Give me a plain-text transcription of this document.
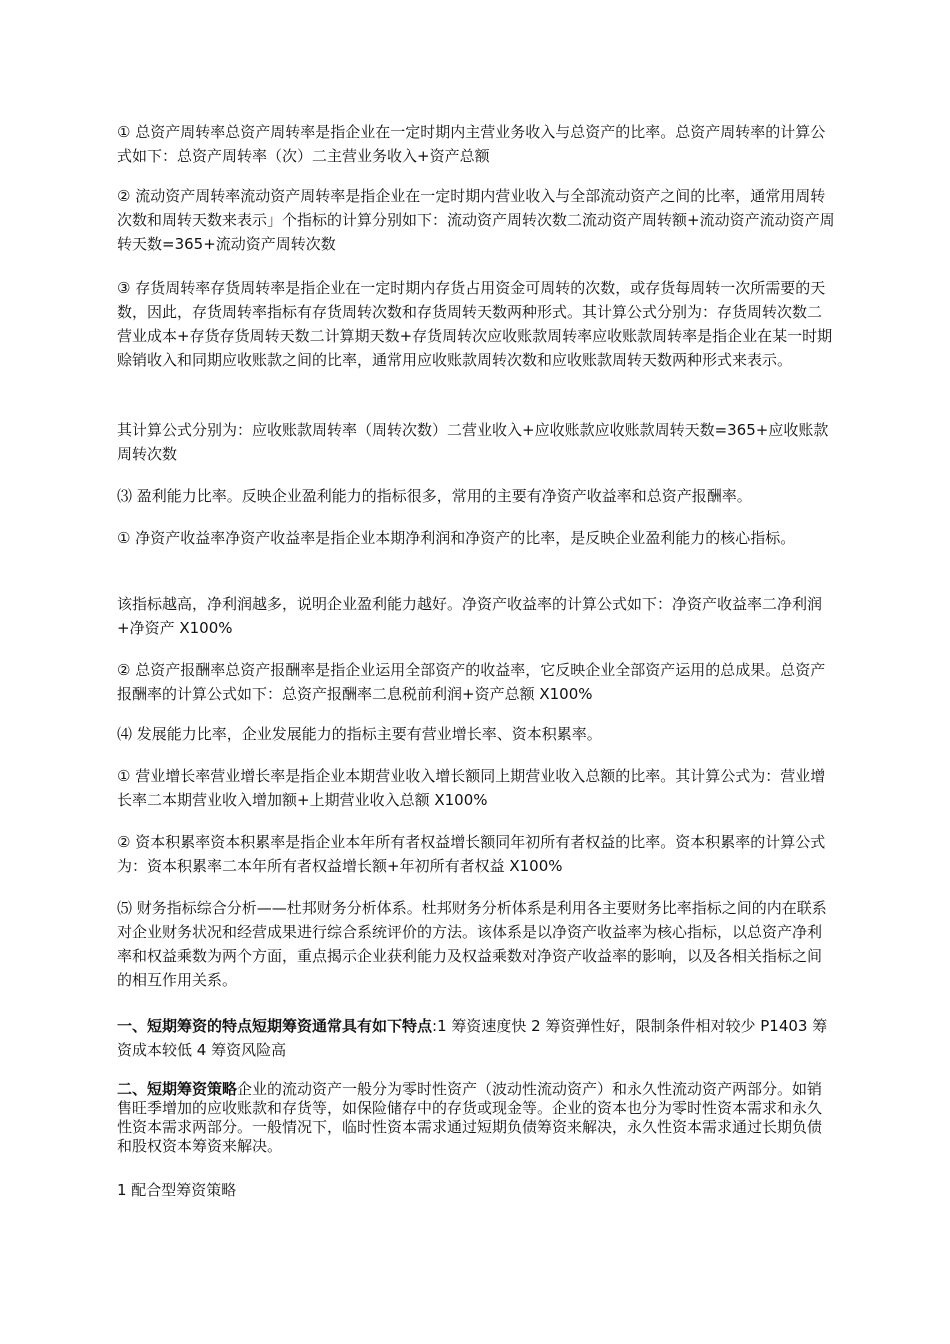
① 总资产周转率总资产周转率是指企业在一定时期内主营业务收入与总资产的比率。总资产周转率的计算公式如下：总资产周转率（次）二主营业务收入+资产总额

② 流动资产周转率流动资产周转率是指企业在一定时期内营业收入与全部流动资产之间的比率，通常用周转次数和周转天数来表示」个指标的计算分别如下：流动资产周转次数二流动资产周转额+流动资产流动资产周转天数=365+流动资产周转次数

③ 存货周转率存货周转率是指企业在一定时期内存货占用资金可周转的次数，或存货每周转一次所需要的天数，因此，存货周转率指标有存货周转次数和存货周转天数两种形式。其计算公式分别为：存货周转次数二营业成本+存货存货周转天数二计算期天数+存货周转次应收账款周转率应收账款周转率是指企业在某一时期赊销收入和同期应收账款之间的比率，通常用应收账款周转次数和应收账款周转天数两种形式来表示。

其计算公式分别为：应收账款周转率（周转次数）二营业收入+应收账款应收账款周转天数=365+应收账款周转次数

⑶ 盈利能力比率。反映企业盈利能力的指标很多，常用的主要有净资产收益率和总资产报酬率。

① 净资产收益率净资产收益率是指企业本期净利润和净资产的比率，是反映企业盈利能力的核心指标。

该指标越高，净利润越多，说明企业盈利能力越好。净资产收益率的计算公式如下：净资产收益率二净利润+净资产 X100%

② 总资产报酬率总资产报酬率是指企业运用全部资产的收益率，它反映企业全部资产运用的总成果。总资产报酬率的计算公式如下：总资产报酬率二息税前利润+资产总额 X100%

⑷ 发展能力比率，企业发展能力的指标主要有营业增长率、资本积累率。

① 营业增长率营业增长率是指企业本期营业收入增长额同上期营业收入总额的比率。其计算公式为：营业增长率二本期营业收入增加额+上期营业收入总额 X100%

② 资本积累率资本积累率是指企业本年所有者权益增长额同年初所有者权益的比率。资本积累率的计算公式为：资本积累率二本年所有者权益增长额+年初所有者权益 X100%

⑸ 财务指标综合分析——杜邦财务分析体系。杜邦财务分析体系是利用各主要财务比率指标之间的内在联系对企业财务状况和经营成果进行综合系统评价的方法。该体系是以净资产收益率为核心指标，以总资产净利率和权益乘数为两个方面，重点揭示企业获利能力及权益乘数对净资产收益率的影响，以及各相关指标之间的相互作用关系。

一、短期筹资的特点短期筹资通常具有如下特点:1 筹资速度快 2 筹资弹性好，限制条件相对较少 P1403 筹资成本较低 4 筹资风险高

二、短期筹资策略企业的流动资产一般分为零时性资产（波动性流动资产）和永久性流动资产两部分。如销售旺季增加的应收账款和存货等，如保险储存中的存货或现金等。企业的资本也分为零时性资本需求和永久性资本需求两部分。一般情况下，临时性资本需求通过短期负债筹资来解决，永久性资本需求通过长期负债和股权资本筹资来解决。

1 配合型筹资策略
